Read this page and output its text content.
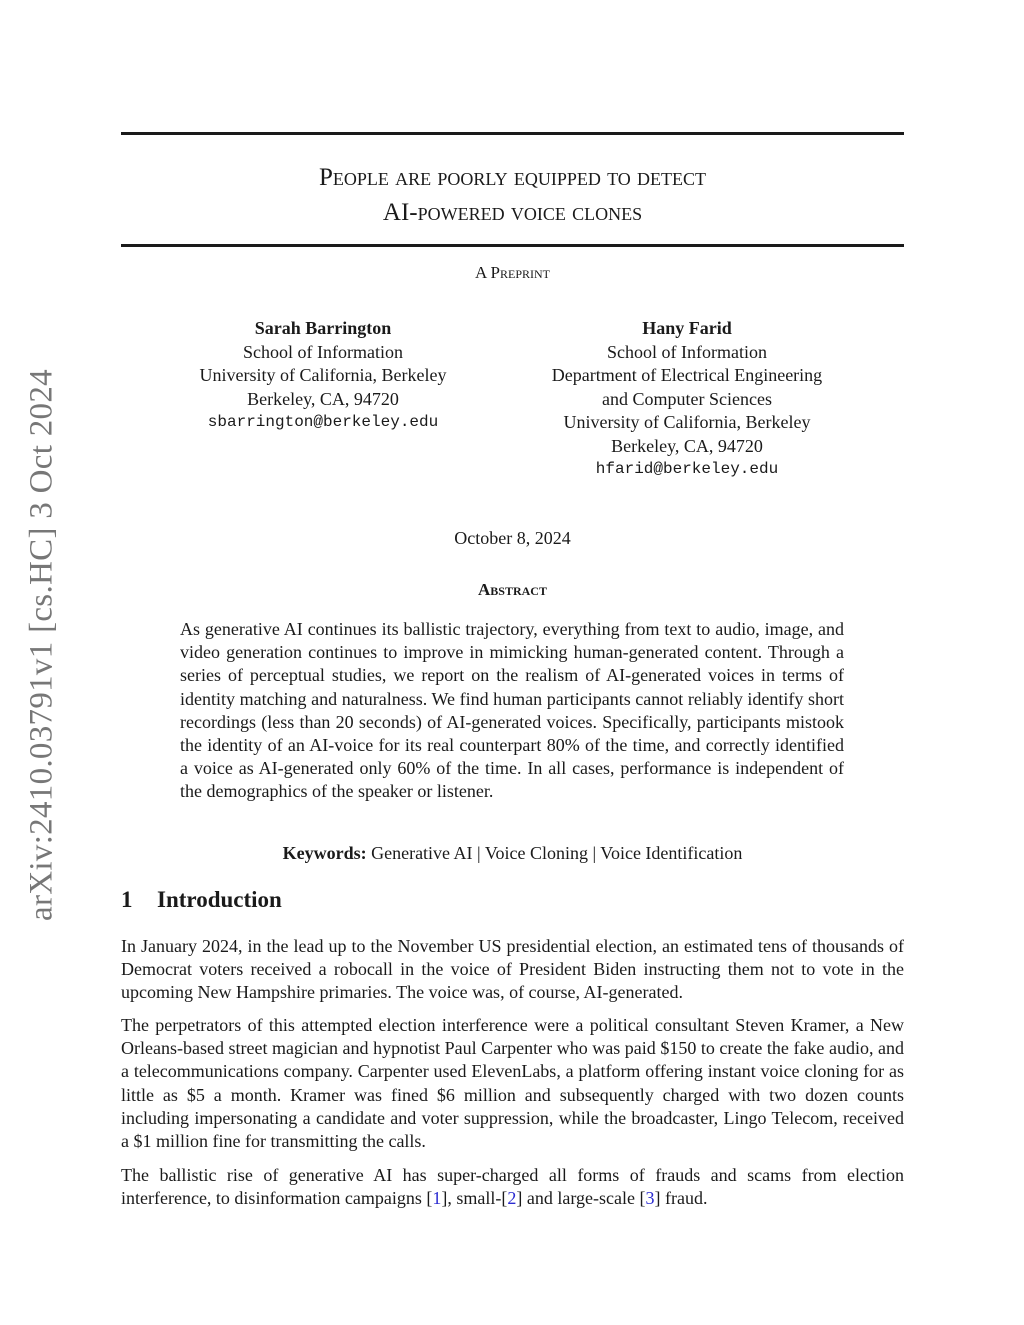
arXiv:2410.03791v1 [cs.HC] 3 Oct 2024
People are poorly equipped to detect
AI-powered voice clones
A Preprint
Sarah Barrington
School of Information
University of California, Berkeley
Berkeley, CA, 94720
sbarrington@berkeley.edu
Hany Farid
School of Information
Department of Electrical Engineering
and Computer Sciences
University of California, Berkeley
Berkeley, CA, 94720
hfarid@berkeley.edu
October 8, 2024
Abstract

As generative AI continues its ballistic trajectory, everything from text to audio, image, and video generation continues to improve in mimicking human-generated content. Through a series of perceptual studies, we report on the realism of AI-generated voices in terms of identity matching and naturalness. We find human participants cannot reliably identify short recordings (less than 20 seconds) of AI-generated voices. Specifically, participants mistook the identity of an AI-voice for its real counterpart 80% of the time, and correctly identified a voice as AI-generated only 60% of the time. In all cases, performance is independent of the demographics of the speaker or listener.

Keywords: Generative AI | Voice Cloning | Voice Identification
1 Introduction

In January 2024, in the lead up to the November US presidential election, an estimated tens of thousands of Democrat voters received a robocall in the voice of President Biden instructing them not to vote in the upcoming New Hampshire primaries. The voice was, of course, AI-generated.

The perpetrators of this attempted election interference were a political consultant Steven Kramer, a New Orleans-based street magician and hypnotist Paul Carpenter who was paid $150 to create the fake audio, and a telecommunications company. Carpenter used ElevenLabs, a platform offering instant voice cloning for as little as $5 a month. Kramer was fined $6 million and subsequently charged with two dozen counts including impersonating a candidate and voter suppression, while the broadcaster, Lingo Telecom, received a $1 million fine for transmitting the calls.

The ballistic rise of generative AI has super-charged all forms of frauds and scams from election interference, to disinformation campaigns [1], small-[2] and large-scale [3] fraud.
